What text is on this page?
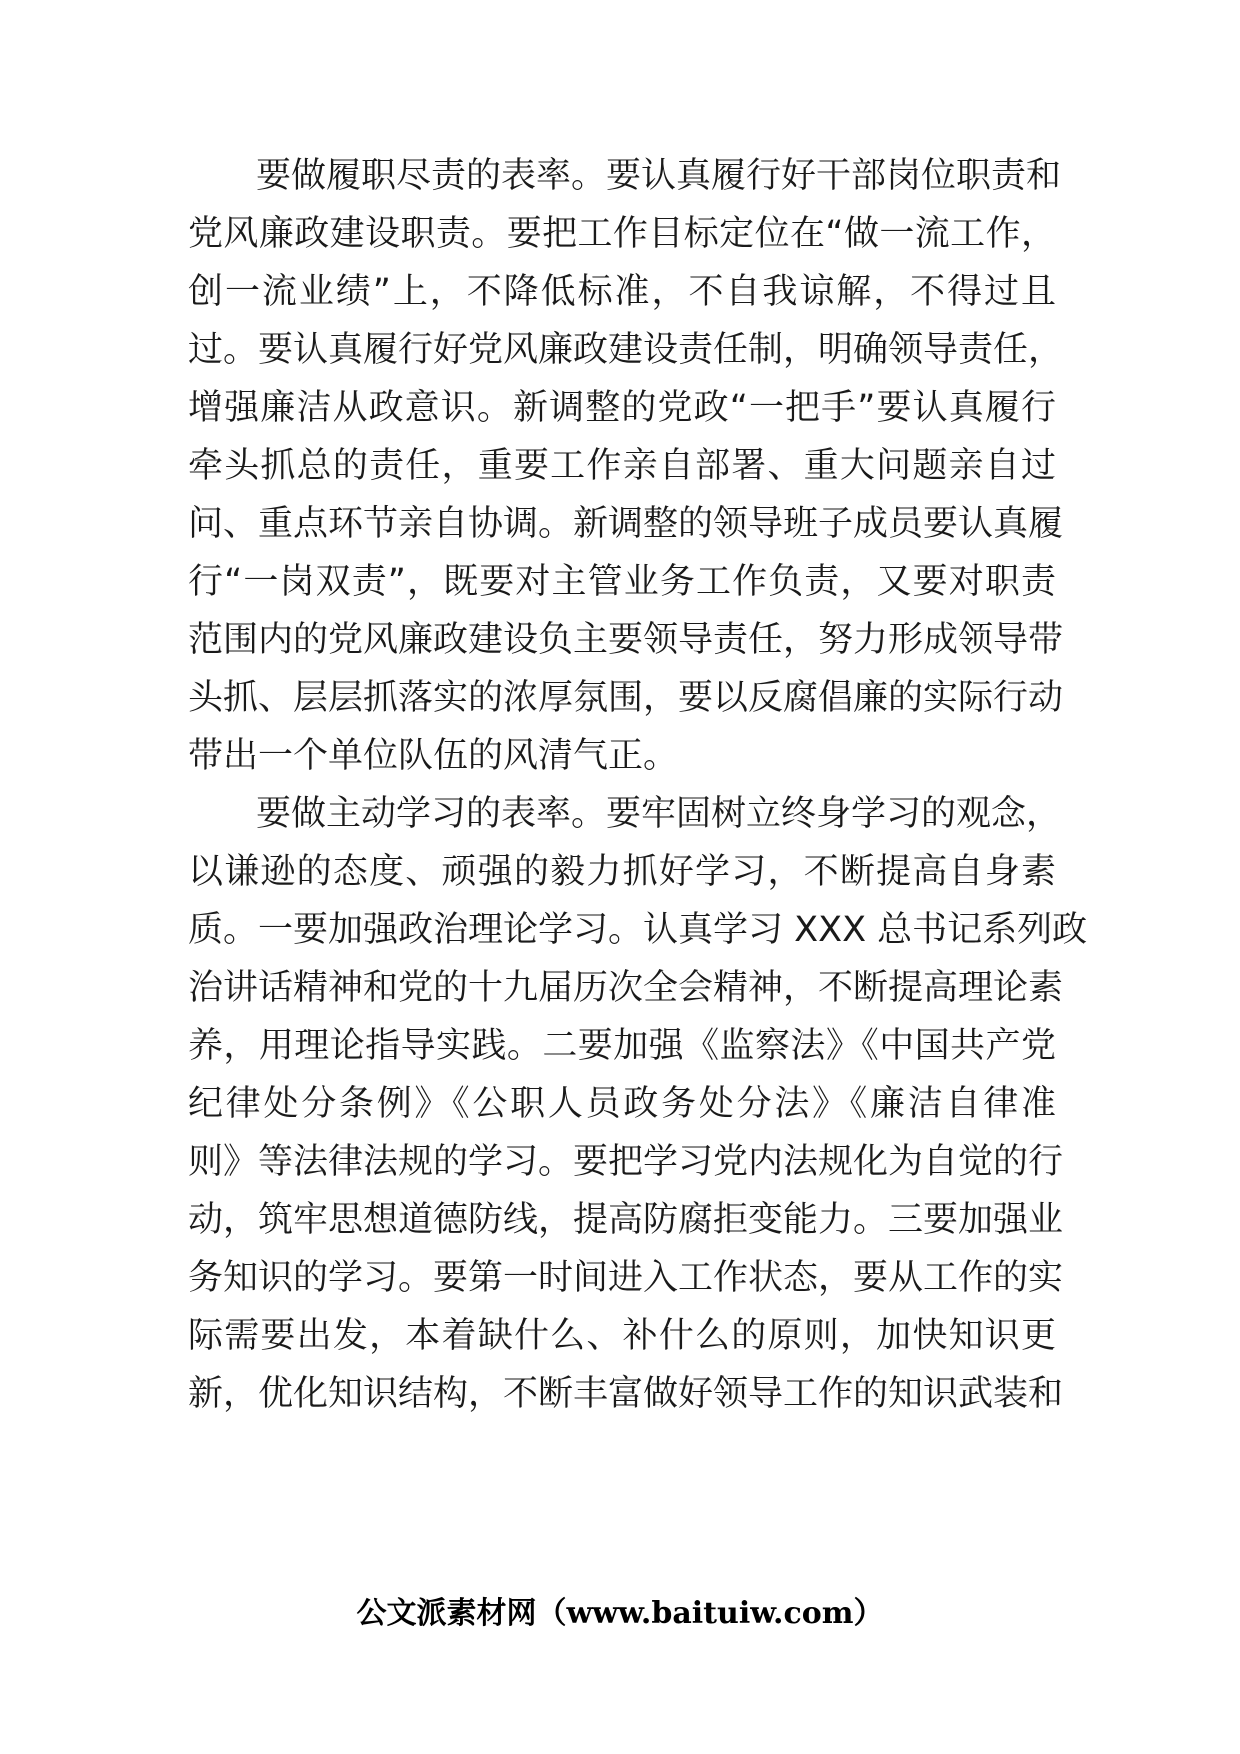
要做履职尽责的表率。要认真履行好干部岗位职责和
党风廉政建设职责。要把工作目标定位在“做一流工作，
创一流业绩”上，不降低标准，不自我谅解，不得过且
过。要认真履行好党风廉政建设责任制，明确领导责任，
增强廉洁从政意识。新调整的党政“一把手”要认真履行
牵头抓总的责任，重要工作亲自部署、重大问题亲自过
问、重点环节亲自协调。新调整的领导班子成员要认真履
行“一岗双责”，既要对主管业务工作负责，又要对职责
范围内的党风廉政建设负主要领导责任，努力形成领导带
头抓、层层抓落实的浓厚氛围，要以反腐倡廉的实际行动
带出一个单位队伍的风清气正。
要做主动学习的表率。要牢固树立终身学习的观念，
以谦逊的态度、顽强的毅力抓好学习，不断提高自身素
质。一要加强政治理论学习。认真学习 XXX 总书记系列政
治讲话精神和党的十九届历次全会精神，不断提高理论素
养，用理论指导实践。二要加强《监察法》《中国共产党
纪律处分条例》《公职人员政务处分法》《廉洁自律准
则》等法律法规的学习。要把学习党内法规化为自觉的行
动，筑牢思想道德防线，提高防腐拒变能力。三要加强业
务知识的学习。要第一时间进入工作状态，要从工作的实
际需要出发，本着缺什么、补什么的原则，加快知识更
新，优化知识结构，不断丰富做好领导工作的知识武装和
公文派素材网（www.baituiw.com）
